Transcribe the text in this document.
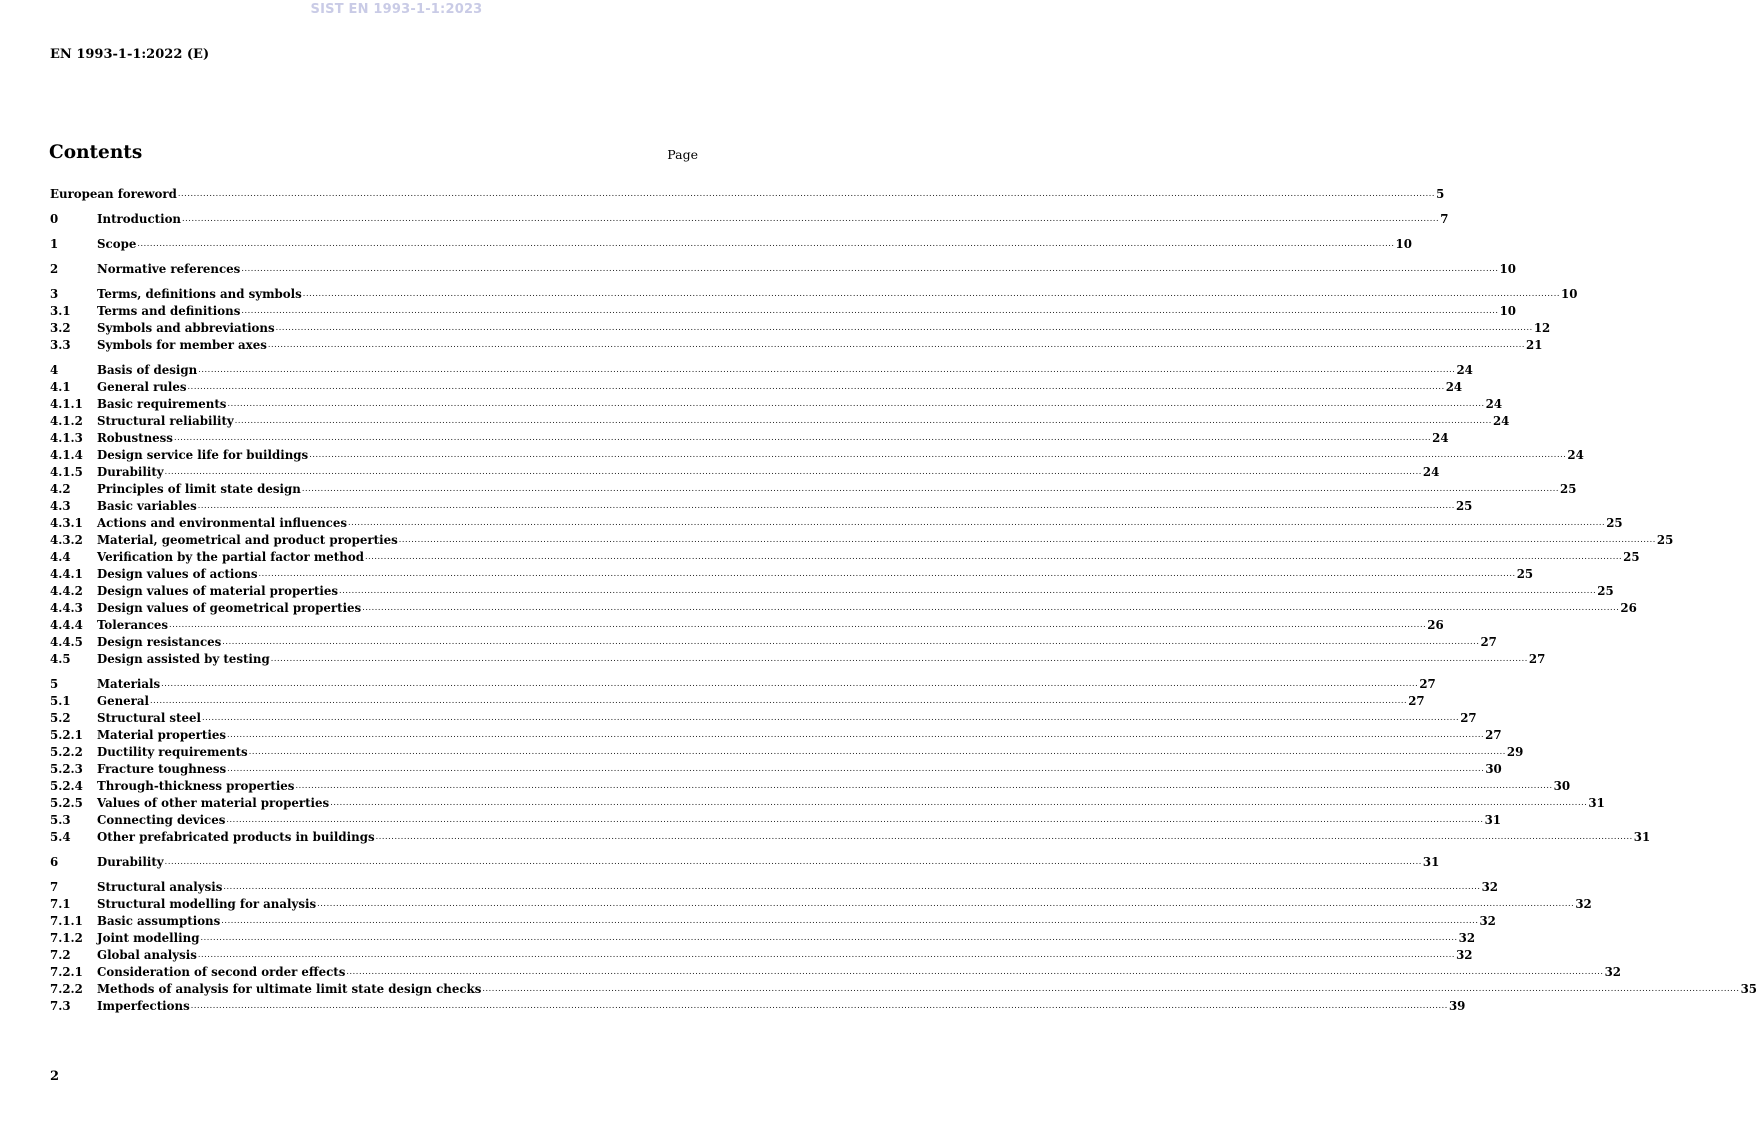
SIST EN 1993-1-1:2023
EN 1993-1-1:2022 (E)
Contents	Page
European foreword ................................................................................................................................................................................................................................................................................................................................................................................................................ 5
0	Introduction ................................................................................................................................................................................................................................................................................................................................................................................................................ 7
1	Scope ................................................................................................................................................................................................................................................................................................................................................................................................................ 10
2	Normative references ................................................................................................................................................................................................................................................................................................................................................................................................................ 10
3	Terms, definitions and symbols ................................................................................................................................................................................................................................................................................................................................................................................................................ 10
3.1	Terms and definitions ................................................................................................................................................................................................................................................................................................................................................................................................................ 10
3.2	Symbols and abbreviations ................................................................................................................................................................................................................................................................................................................................................................................................................ 12
3.3	Symbols for member axes ................................................................................................................................................................................................................................................................................................................................................................................................................ 21
4	Basis of design ................................................................................................................................................................................................................................................................................................................................................................................................................ 24
4.1	General rules ................................................................................................................................................................................................................................................................................................................................................................................................................ 24
4.1.1	Basic requirements ................................................................................................................................................................................................................................................................................................................................................................................................................ 24
4.1.2	Structural reliability ................................................................................................................................................................................................................................................................................................................................................................................................................ 24
4.1.3	Robustness ................................................................................................................................................................................................................................................................................................................................................................................................................ 24
4.1.4	Design service life for buildings ................................................................................................................................................................................................................................................................................................................................................................................................................ 24
4.1.5	Durability ................................................................................................................................................................................................................................................................................................................................................................................................................ 24
4.2	Principles of limit state design ................................................................................................................................................................................................................................................................................................................................................................................................................ 25
4.3	Basic variables ................................................................................................................................................................................................................................................................................................................................................................................................................ 25
4.3.1	Actions and environmental influences ................................................................................................................................................................................................................................................................................................................................................................................................................ 25
4.3.2	Material, geometrical and product properties ................................................................................................................................................................................................................................................................................................................................................................................................................ 25
4.4	Verification by the partial factor method ................................................................................................................................................................................................................................................................................................................................................................................................................ 25
4.4.1	Design values of actions ................................................................................................................................................................................................................................................................................................................................................................................................................ 25
4.4.2	Design values of material properties ................................................................................................................................................................................................................................................................................................................................................................................................................ 25
4.4.3	Design values of geometrical properties ................................................................................................................................................................................................................................................................................................................................................................................................................ 26
4.4.4	Tolerances ................................................................................................................................................................................................................................................................................................................................................................................................................ 26
4.4.5	Design resistances ................................................................................................................................................................................................................................................................................................................................................................................................................ 27
4.5	Design assisted by testing ................................................................................................................................................................................................................................................................................................................................................................................................................ 27
5	Materials ................................................................................................................................................................................................................................................................................................................................................................................................................ 27
5.1	General ................................................................................................................................................................................................................................................................................................................................................................................................................ 27
5.2	Structural steel ................................................................................................................................................................................................................................................................................................................................................................................................................ 27
5.2.1	Material properties ................................................................................................................................................................................................................................................................................................................................................................................................................ 27
5.2.2	Ductility requirements ................................................................................................................................................................................................................................................................................................................................................................................................................ 29
5.2.3	Fracture toughness ................................................................................................................................................................................................................................................................................................................................................................................................................ 30
5.2.4	Through-thickness properties ................................................................................................................................................................................................................................................................................................................................................................................................................ 30
5.2.5	Values of other material properties ................................................................................................................................................................................................................................................................................................................................................................................................................ 31
5.3	Connecting devices ................................................................................................................................................................................................................................................................................................................................................................................................................ 31
5.4	Other prefabricated products in buildings ................................................................................................................................................................................................................................................................................................................................................................................................................ 31
6	Durability ................................................................................................................................................................................................................................................................................................................................................................................................................ 31
7	Structural analysis ................................................................................................................................................................................................................................................................................................................................................................................................................ 32
7.1	Structural modelling for analysis ................................................................................................................................................................................................................................................................................................................................................................................................................ 32
7.1.1	Basic assumptions ................................................................................................................................................................................................................................................................................................................................................................................................................ 32
7.1.2	Joint modelling ................................................................................................................................................................................................................................................................................................................................................................................................................ 32
7.2	Global analysis ................................................................................................................................................................................................................................................................................................................................................................................................................ 32
7.2.1	Consideration of second order effects ................................................................................................................................................................................................................................................................................................................................................................................................................ 32
7.2.2	Methods of analysis for ultimate limit state design checks ................................................................................................................................................................................................................................................................................................................................................................................................................ 35
7.3	Imperfections ................................................................................................................................................................................................................................................................................................................................................................................................................ 39
2
